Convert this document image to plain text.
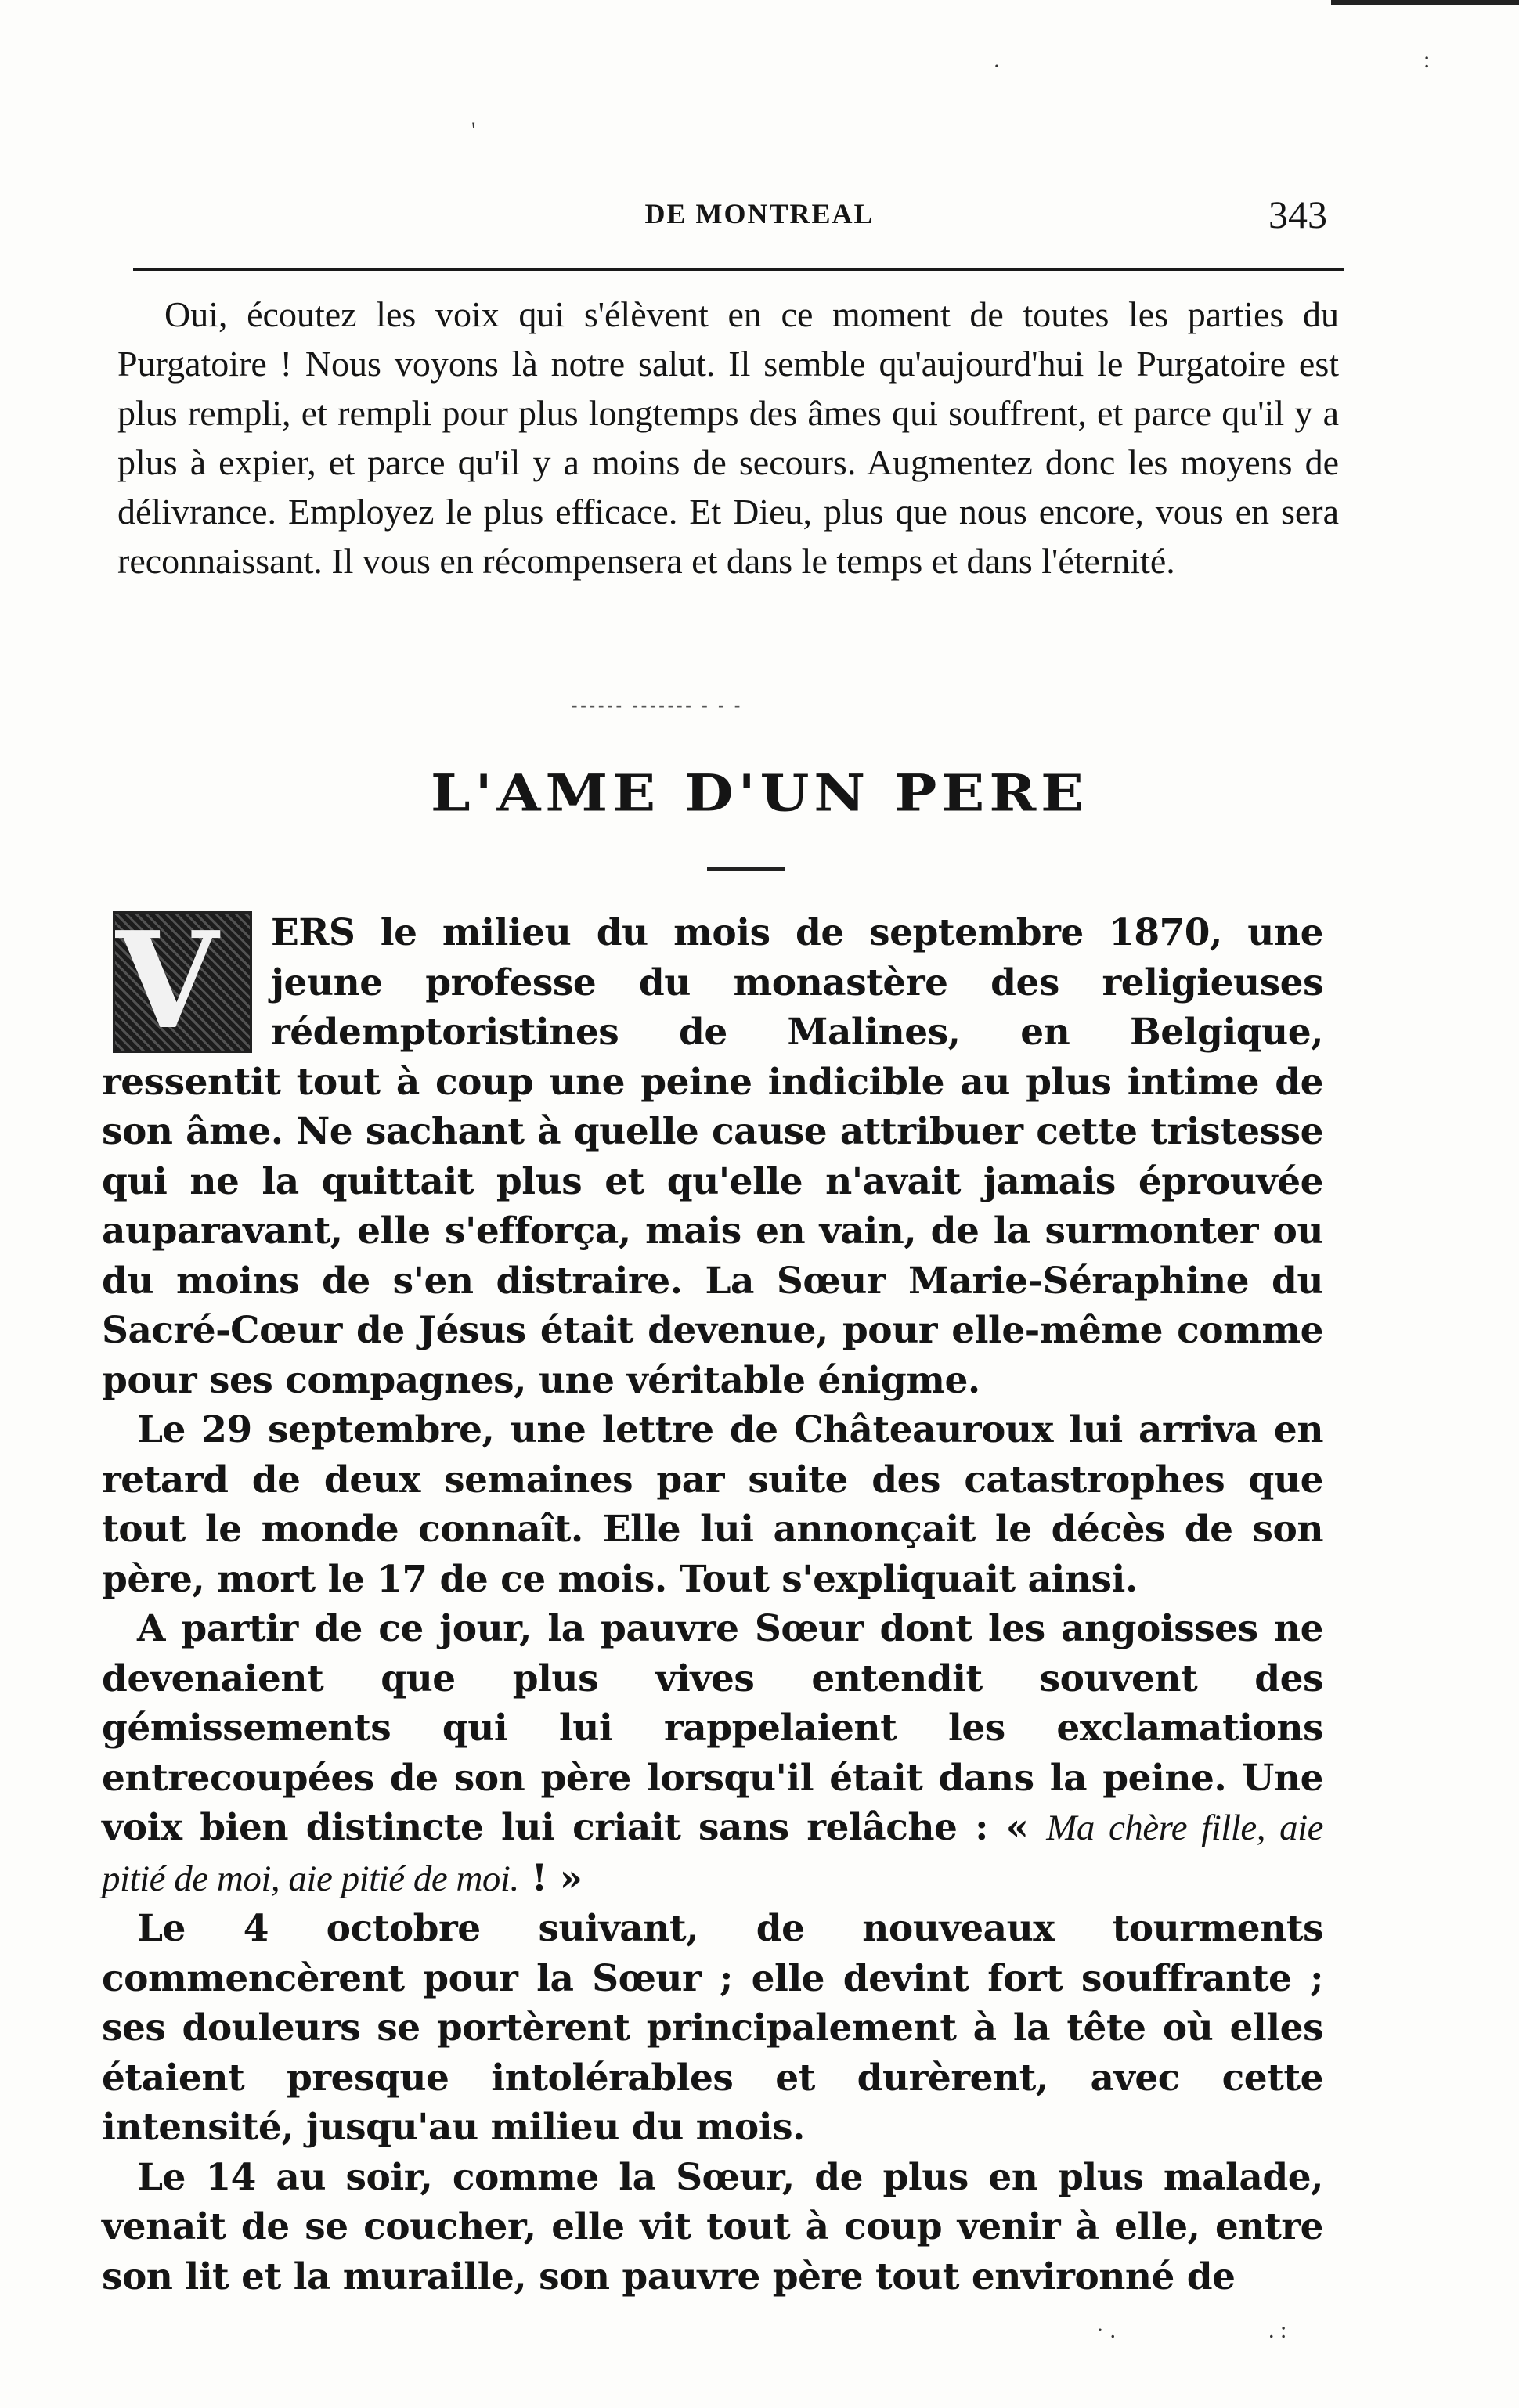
·	:
'
DE MONTREAL	343
Oui, écoutez les voix qui s'élèvent en ce moment de toutes les parties du Purgatoire ! Nous voyons là notre salut. Il semble qu'aujourd'hui le Purgatoire est plus rempli, et rempli pour plus longtemps des âmes qui souffrent, et parce qu'il y a plus à expier, et parce qu'il y a moins de secours. Augmentez donc les moyens de délivrance. Employez le plus efficace. Et Dieu, plus que nous encore, vous en sera reconnaissant. Il vous en récompensera et dans le temps et dans l'éternité.
------ ------- - - -
L'AME D'UN PERE

V	ERS le milieu du mois de septembre 1870, une jeune professe du monastère des religieuses rédemptoristines de Malines, en Belgique, ressentit tout à coup une peine indicible au plus intime de son âme. Ne sachant à quelle cause attribuer cette tristesse qui ne la quittait plus et qu'elle n'avait jamais éprouvée auparavant, elle s'efforça, mais en vain, de la surmonter ou du moins de s'en distraire. La Sœur Marie-Séraphine du Sacré-Cœur de Jésus était devenue, pour elle-même comme pour ses compagnes, une véritable énigme.

Le 29 septembre, une lettre de Châteauroux lui arriva en retard de deux semaines par suite des catastrophes que tout le monde connaît. Elle lui annonçait le décès de son père, mort le 17 de ce mois. Tout s'expliquait ainsi.

A partir de ce jour, la pauvre Sœur dont les angoisses ne devenaient que plus vives entendit souvent des gémissements qui lui rappelaient les exclamations entrecoupées de son père lorsqu'il était dans la peine. Une voix bien distincte lui criait sans relâche : « Ma chère fille, aie pitié de moi, aie pitié de moi. ! »

Le 4 octobre suivant, de nouveaux tourments commencèrent pour la Sœur ; elle devint fort souffrante ; ses douleurs se portèrent principalement à la tête où elles étaient presque intolérables et durèrent, avec cette intensité, jusqu'au milieu du mois.

Le 14 au soir, comme la Sœur, de plus en plus malade, venait de se coucher, elle vit tout à coup venir à elle, entre son lit et la muraille, son pauvre père tout environné de

· .	. :
